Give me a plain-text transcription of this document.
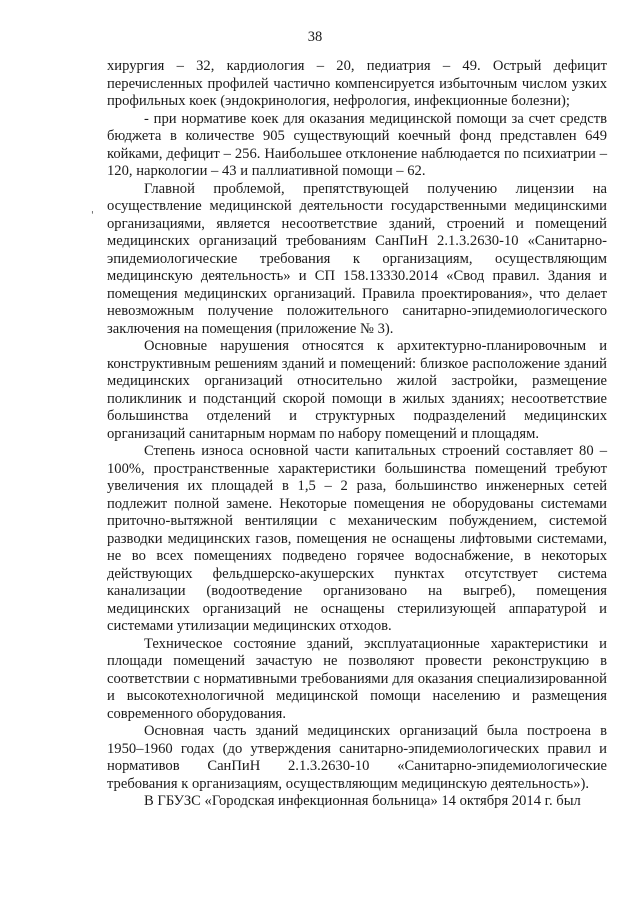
38
'

хирургия – 32, кардиология – 20, педиатрия – 49. Острый дефицит перечисленных профилей частично компенсируется избыточным числом узких профильных коек (эндокринология, нефрология, инфекционные болезни);

- при нормативе коек для оказания медицинской помощи за счет средств бюджета в количестве 905 существующий коечный фонд представлен 649 койками, дефицит – 256. Наибольшее отклонение наблюдается по психиатрии – 120, наркологии – 43 и паллиативной помощи – 62.

Главной проблемой, препятствующей получению лицензии на осуществление медицинской деятельности государственными медицинскими организациями, является несоответствие зданий, строений и помещений медицинских организаций требованиям СанПиН 2.1.3.2630-10 «Санитарно-эпидемиологические требования к организациям, осуществляющим медицинскую деятельность» и СП 158.13330.2014 «Свод правил. Здания и помещения медицинских организаций. Правила проектирования», что делает невозможным получение положительного санитарно-эпидемиологического заключения на помещения (приложение № 3).

Основные нарушения относятся к архитектурно-планировочным и конструктивным решениям зданий и помещений: близкое расположение зданий медицинских организаций относительно жилой застройки, размещение поликлиник и подстанций скорой помощи в жилых зданиях; несоответствие большинства отделений и структурных подразделений медицинских организаций санитарным нормам по набору помещений и площадям.

Степень износа основной части капитальных строений составляет 80 – 100%, пространственные характеристики большинства помещений требуют увеличения их площадей в 1,5 – 2 раза, большинство инженерных сетей подлежит полной замене. Некоторые помещения не оборудованы системами приточно-вытяжной вентиляции с механическим побуждением, системой разводки медицинских газов, помещения не оснащены лифтовыми системами, не во всех помещениях подведено горячее водоснабжение, в некоторых действующих фельдшерско-акушерских пунктах отсутствует система канализации (водоотведение организовано на выгреб), помещения медицинских организаций не оснащены стерилизующей аппаратурой и системами утилизации медицинских отходов.

Техническое состояние зданий, эксплуатационные характеристики и площади помещений зачастую не позволяют провести реконструкцию в соответствии с нормативными требованиями для оказания специализированной и высокотехнологичной медицинской помощи населению и размещения современного оборудования.

Основная часть зданий медицинских организаций была построена в 1950–1960 годах (до утверждения санитарно-эпидемиологических правил и нормативов СанПиН 2.1.3.2630-10 «Санитарно-эпидемиологические требования к организациям, осуществляющим медицинскую деятельность»).

В ГБУЗС «Городская инфекционная больница» 14 октября 2014 г. был
